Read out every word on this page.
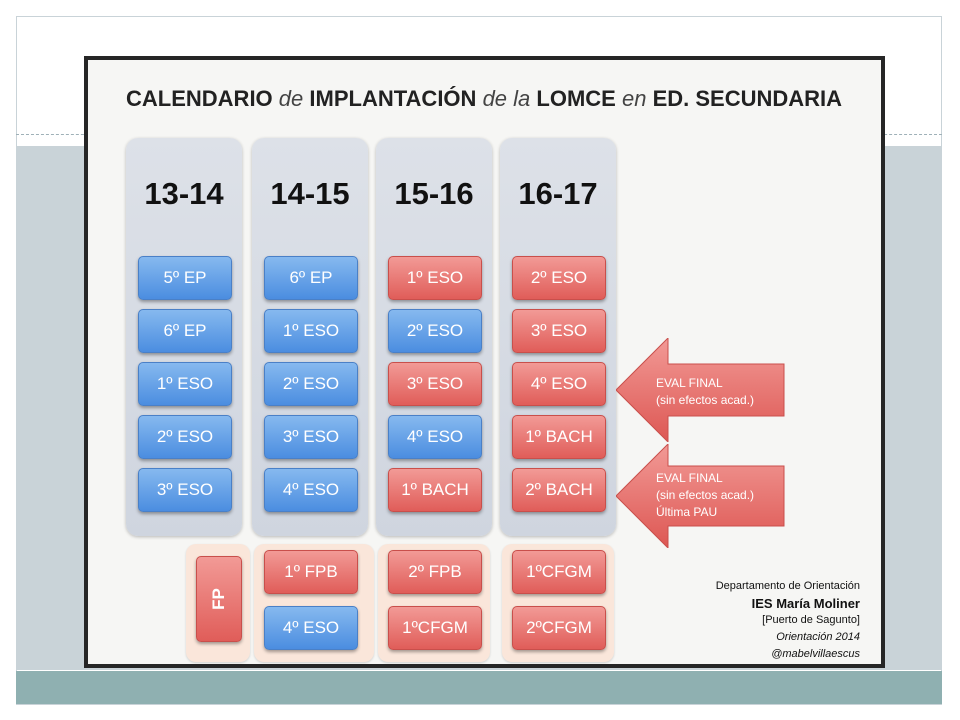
CALENDARIO de IMPLANTACIÓN de la LOMCE en ED. SECUNDARIA
13-14
5º EP
6º EP
1º ESO
2º ESO
3º ESO
14-15
6º EP
1º ESO
2º ESO
3º ESO
4º ESO
15-16
1º ESO
2º ESO
3º ESO
4º ESO
1º BACH
16-17
2º ESO
3º ESO
4º ESO
1º BACH
2º BACH
FP
1º FPB
4º ESO
2º FPB
1ºCFGM
1ºCFGM
2ºCFGM
EVAL FINAL
(sin efectos acad.)
EVAL FINAL
(sin efectos acad.)
Última PAU
Departamento de Orientación
IES María Moliner
[Puerto de Sagunto]
Orientación 2014
@mabelvillaescus
